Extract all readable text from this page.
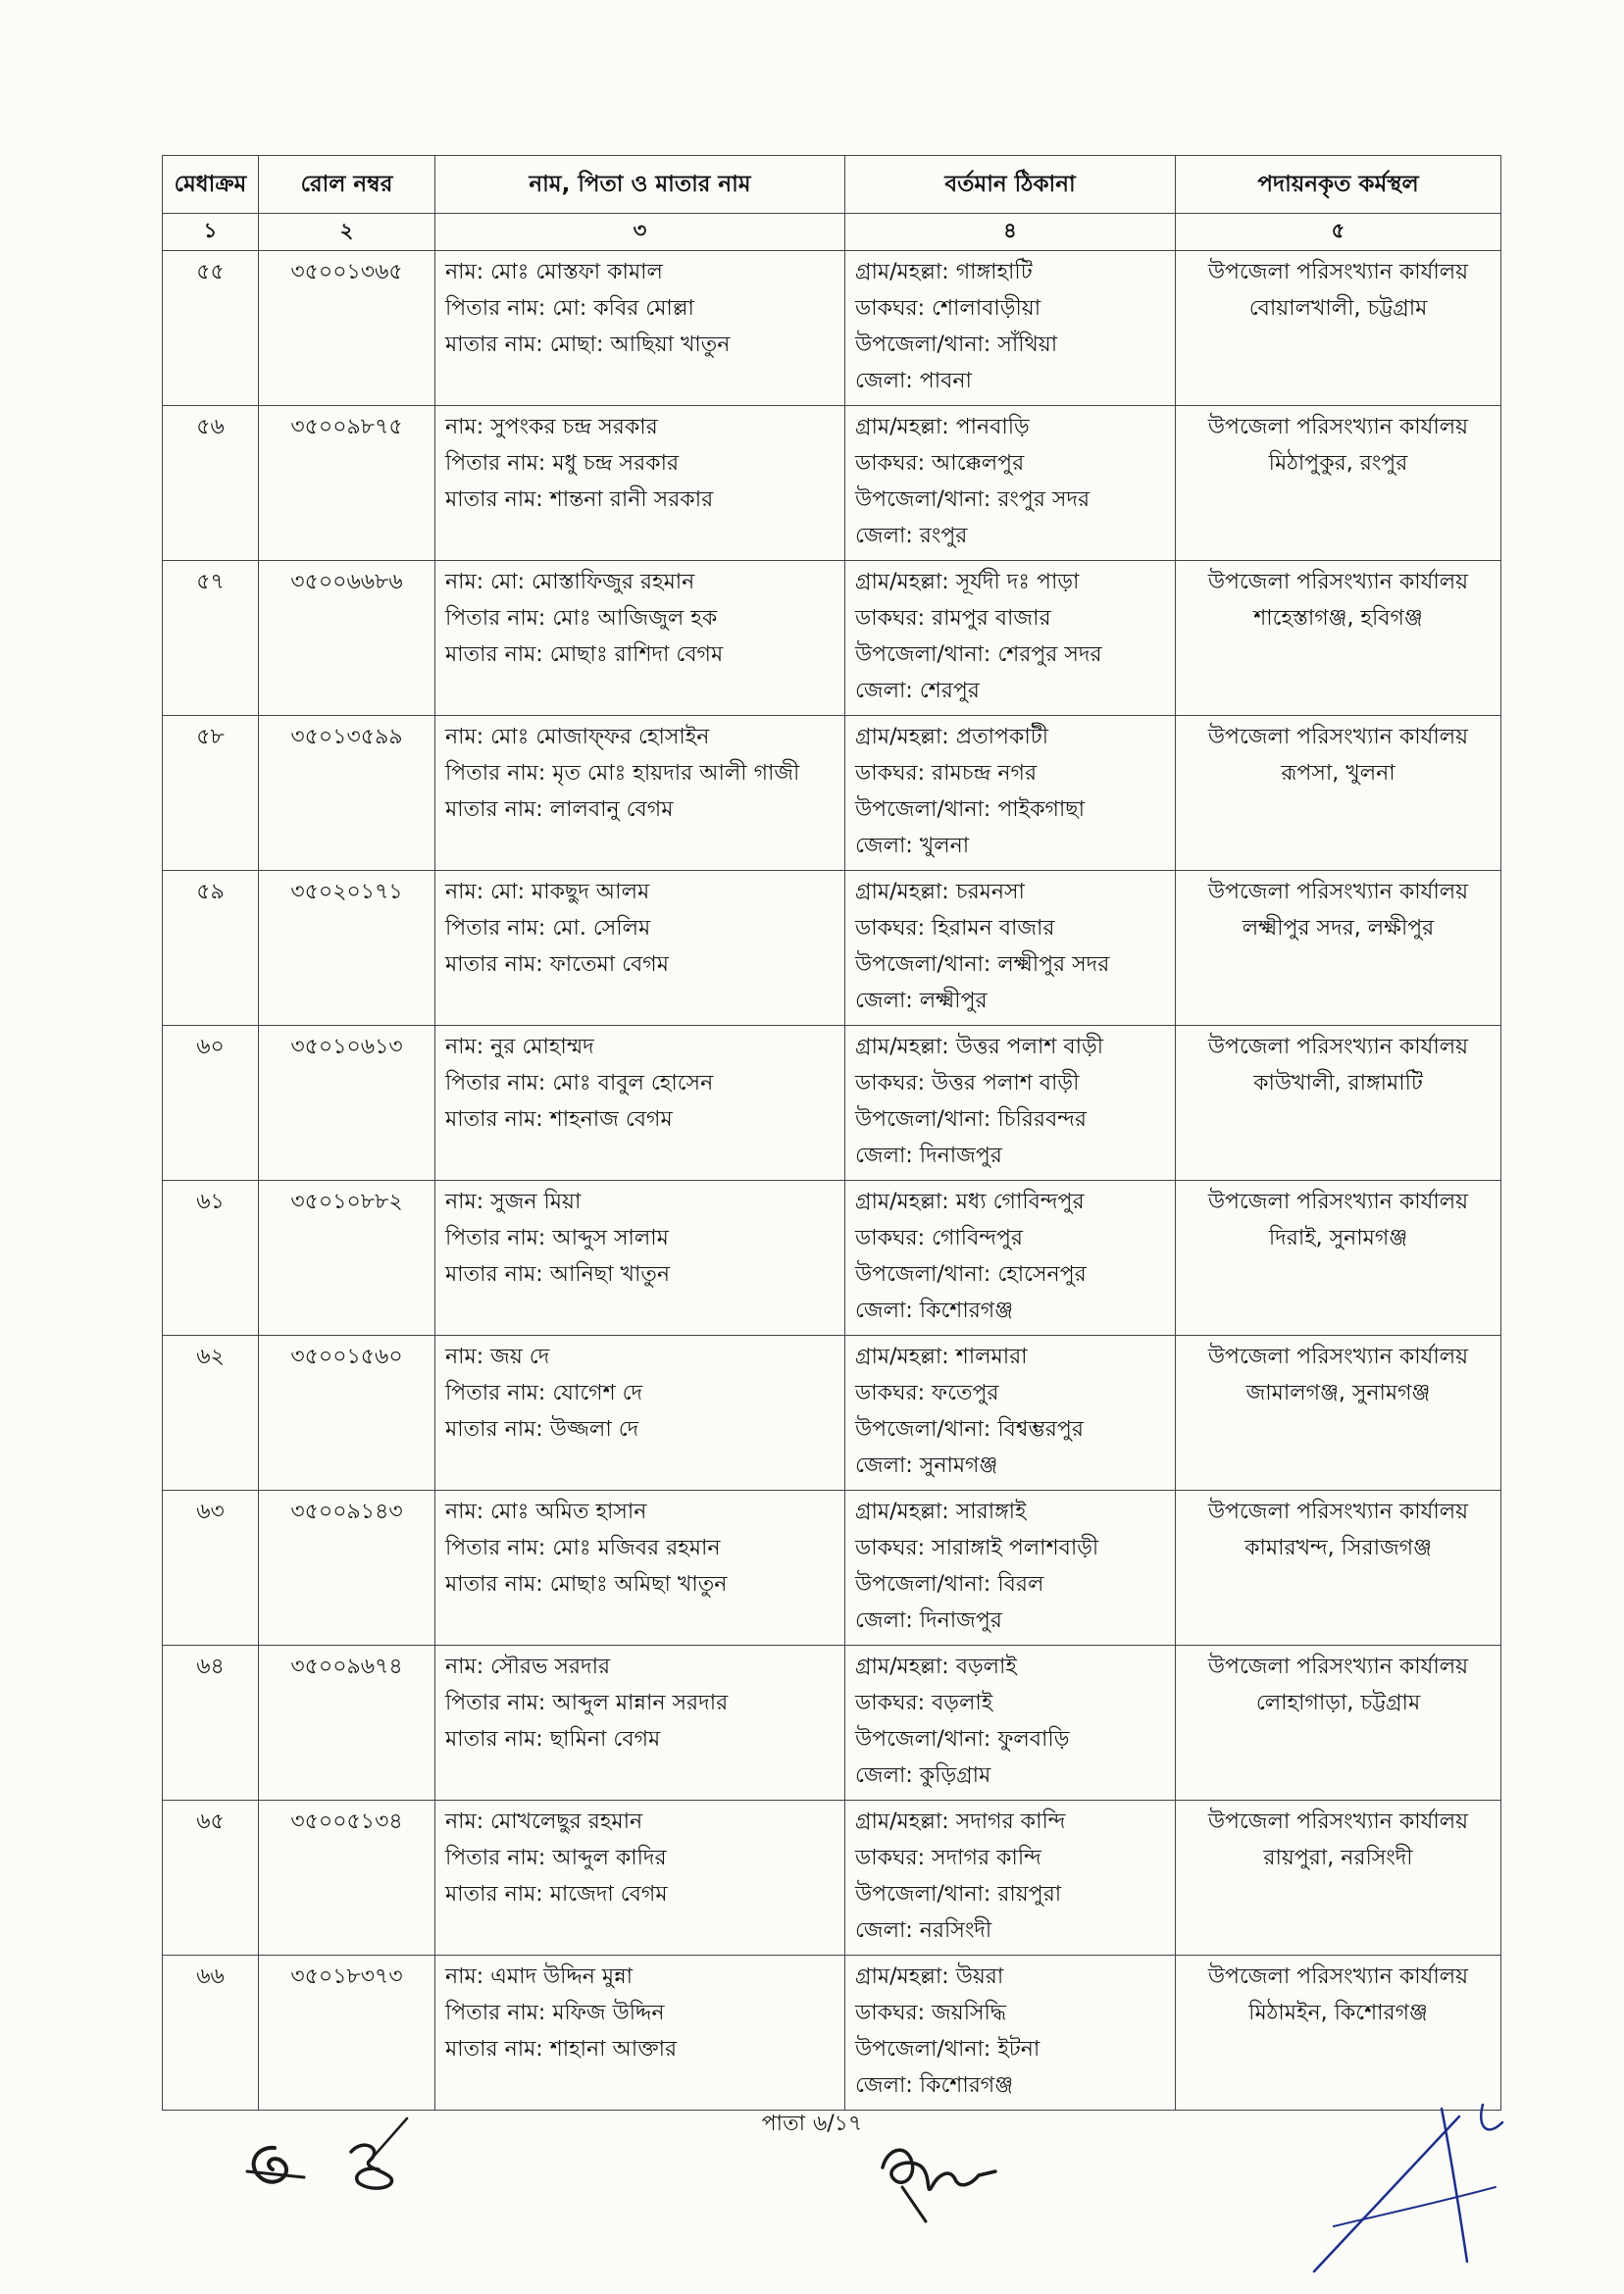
মেধাক্রম	রোল নম্বর	নাম, পিতা ও মাতার নাম	বর্তমান ঠিকানা	পদায়নকৃত কর্মস্থল
১	২	৩	৪	৫
৫৫	৩৫০০১৩৬৫	নাম: মোঃ মোস্তফা কামাল
পিতার নাম: মো: কবির মোল্লা
মাতার নাম: মোছা: আছিয়া খাতুন	গ্রাম/মহল্লা: গাঙ্গাহাটি
ডাকঘর: শোলাবাড়ীয়া
উপজেলা/থানা: সাঁথিয়া
জেলা: পাবনা	উপজেলা পরিসংখ্যান কার্যালয়
বোয়ালখালী, চট্টগ্রাম

৫৬	৩৫০০৯৮৭৫	নাম: সুপংকর চন্দ্র সরকার
পিতার নাম: মধু চন্দ্র সরকার
মাতার নাম: শান্তনা রানী সরকার	গ্রাম/মহল্লা: পানবাড়ি
ডাকঘর: আক্কেলপুর
উপজেলা/থানা: রংপুর সদর
জেলা: রংপুর	উপজেলা পরিসংখ্যান কার্যালয়
মিঠাপুকুর, রংপুর

৫৭	৩৫০০৬৬৮৬	নাম: মো: মোস্তাফিজুর রহমান
পিতার নাম: মোঃ আজিজুল হক
মাতার নাম: মোছাঃ রাশিদা বেগম	গ্রাম/মহল্লা: সূর্যদী দঃ পাড়া
ডাকঘর: রামপুর বাজার
উপজেলা/থানা: শেরপুর সদর
জেলা: শেরপুর	উপজেলা পরিসংখ্যান কার্যালয়
শাহেস্তাগঞ্জ, হবিগঞ্জ

৫৮	৩৫০১৩৫৯৯	নাম: মোঃ মোজাফ্ফর হোসাইন
পিতার নাম: মৃত মোঃ হায়দার আলী গাজী
মাতার নাম: লালবানু বেগম	গ্রাম/মহল্লা: প্রতাপকাটী
ডাকঘর: রামচন্দ্র নগর
উপজেলা/থানা: পাইকগাছা
জেলা: খুলনা	উপজেলা পরিসংখ্যান কার্যালয়
রূপসা, খুলনা

৫৯	৩৫০২০১৭১	নাম: মো: মাকছুদ আলম
পিতার নাম: মো. সেলিম
মাতার নাম: ফাতেমা বেগম	গ্রাম/মহল্লা: চরমনসা
ডাকঘর: হিরামন বাজার
উপজেলা/থানা: লক্ষ্মীপুর সদর
জেলা: লক্ষ্মীপুর	উপজেলা পরিসংখ্যান কার্যালয়
লক্ষ্মীপুর সদর, লক্ষীপুর

৬০	৩৫০১০৬১৩	নাম: নুর মোহাম্মদ
পিতার নাম: মোঃ বাবুল হোসেন
মাতার নাম: শাহনাজ বেগম	গ্রাম/মহল্লা: উত্তর পলাশ বাড়ী
ডাকঘর: উত্তর পলাশ বাড়ী
উপজেলা/থানা: চিরিরবন্দর
জেলা: দিনাজপুর	উপজেলা পরিসংখ্যান কার্যালয়
কাউখালী, রাঙ্গামাটি

৬১	৩৫০১০৮৮২	নাম: সুজন মিয়া
পিতার নাম: আব্দুস সালাম
মাতার নাম: আনিছা খাতুন	গ্রাম/মহল্লা: মধ্য গোবিন্দপুর
ডাকঘর: গোবিন্দপুর
উপজেলা/থানা: হোসেনপুর
জেলা: কিশোরগঞ্জ	উপজেলা পরিসংখ্যান কার্যালয়
দিরাই, সুনামগঞ্জ

৬২	৩৫০০১৫৬০	নাম: জয় দে
পিতার নাম: যোগেশ দে
মাতার নাম: উজ্জলা দে	গ্রাম/মহল্লা: শালমারা
ডাকঘর: ফতেপুর
উপজেলা/থানা: বিশ্বম্ভরপুর
জেলা: সুনামগঞ্জ	উপজেলা পরিসংখ্যান কার্যালয়
জামালগঞ্জ, সুনামগঞ্জ

৬৩	৩৫০০৯১৪৩	নাম: মোঃ অমিত হাসান
পিতার নাম: মোঃ মজিবর রহমান
মাতার নাম: মোছাঃ অমিছা খাতুন	গ্রাম/মহল্লা: সারাঙ্গাই
ডাকঘর: সারাঙ্গাই পলাশবাড়ী
উপজেলা/থানা: বিরল
জেলা: দিনাজপুর	উপজেলা পরিসংখ্যান কার্যালয়
কামারখন্দ, সিরাজগঞ্জ

৬৪	৩৫০০৯৬৭৪	নাম: সৌরভ সরদার
পিতার নাম: আব্দুল মান্নান সরদার
মাতার নাম: ছামিনা বেগম	গ্রাম/মহল্লা: বড়লাই
ডাকঘর: বড়লাই
উপজেলা/থানা: ফুলবাড়ি
জেলা: কুড়িগ্রাম	উপজেলা পরিসংখ্যান কার্যালয়
লোহাগাড়া, চট্টগ্রাম

৬৫	৩৫০০৫১৩৪	নাম: মোখলেছুর রহমান
পিতার নাম: আব্দুল কাদির
মাতার নাম: মাজেদা বেগম	গ্রাম/মহল্লা: সদাগর কান্দি
ডাকঘর: সদাগর কান্দি
উপজেলা/থানা: রায়পুরা
জেলা: নরসিংদী	উপজেলা পরিসংখ্যান কার্যালয়
রায়পুরা, নরসিংদী

৬৬	৩৫০১৮৩৭৩	নাম: এমাদ উদ্দিন মুন্না
পিতার নাম: মফিজ উদ্দিন
মাতার নাম: শাহানা আক্তার	গ্রাম/মহল্লা: উয়রা
ডাকঘর: জয়সিদ্ধি
উপজেলা/থানা: ইটনা
জেলা: কিশোরগঞ্জ	উপজেলা পরিসংখ্যান কার্যালয়
মিঠামইন, কিশোরগঞ্জ
পাতা ৬/১৭
